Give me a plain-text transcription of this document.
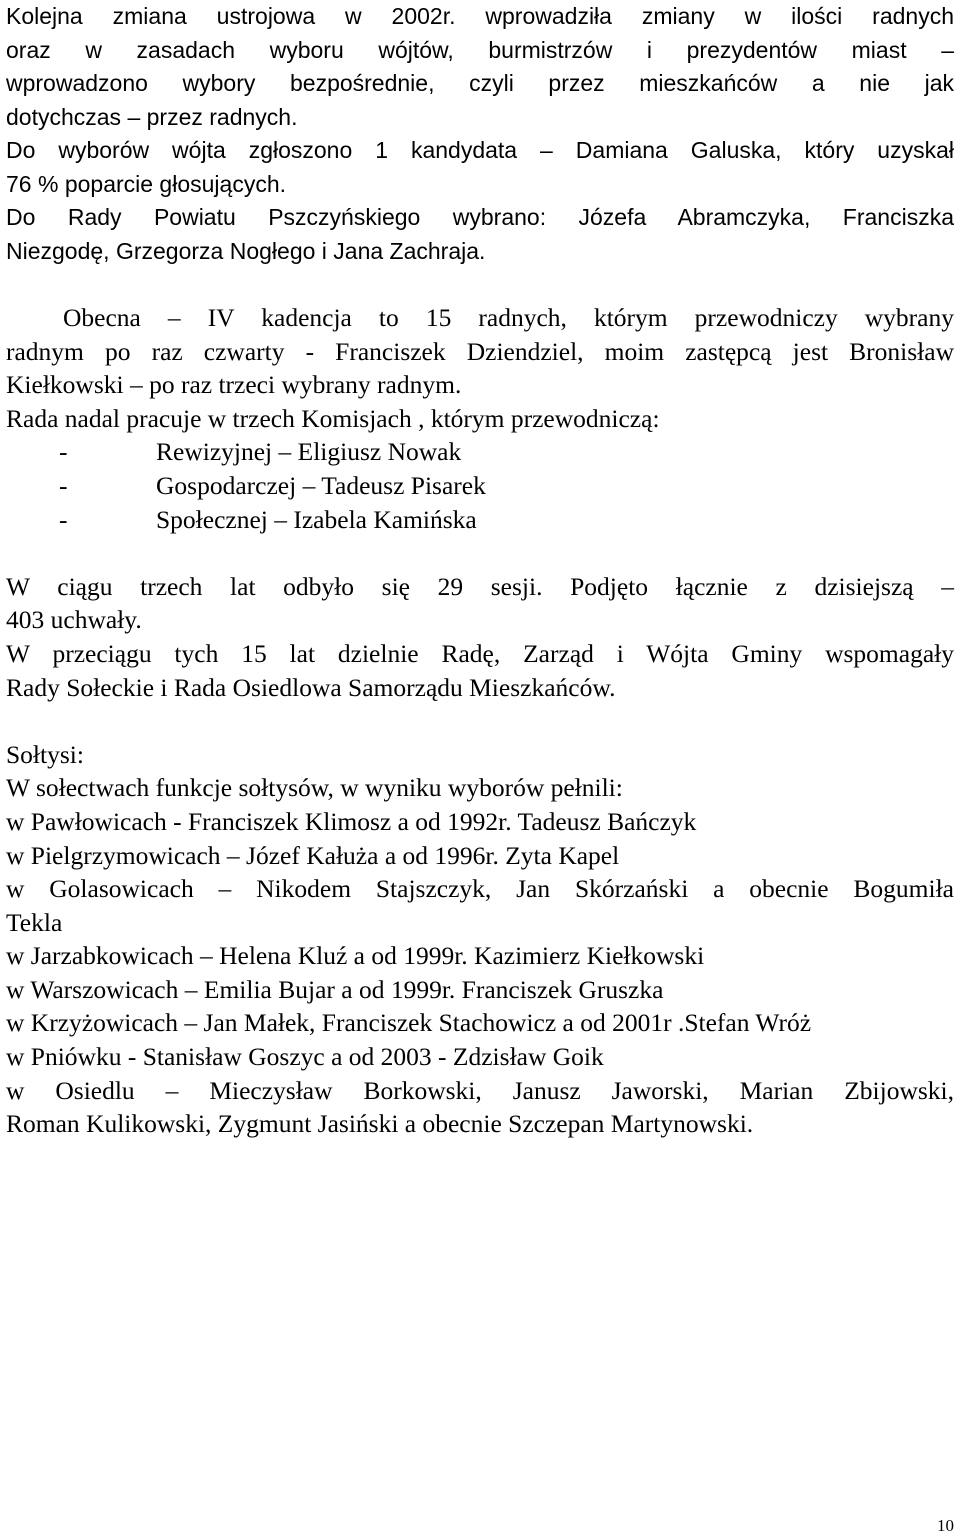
Kolejna zmiana ustrojowa w 2002r. wprowadziła zmiany w ilości radnych
oraz w zasadach wyboru wójtów, burmistrzów i prezydentów miast –
wprowadzono wybory bezpośrednie, czyli przez mieszkańców a nie jak
dotychczas – przez radnych.
Do wyborów wójta zgłoszono 1 kandydata – Damiana Galuska, który uzyskał
76 % poparcie głosujących.
Do Rady Powiatu Pszczyńskiego wybrano: Józefa Abramczyka, Franciszka
Niezgodę, Grzegorza Nogłego i Jana Zachraja.
Obecna – IV kadencja to 15 radnych, którym przewodniczy wybrany
radnym po raz czwarty - Franciszek Dziendziel, moim zastępcą jest Bronisław
Kiełkowski – po raz trzeci wybrany radnym.
Rada nadal pracuje w trzech Komisjach , którym przewodniczą:
-	Rewizyjnej – Eligiusz Nowak
-	Gospodarczej – Tadeusz Pisarek
-	Społecznej – Izabela Kamińska
W ciągu trzech lat odbyło się 29 sesji. Podjęto łącznie z dzisiejszą –
403 uchwały.
W przeciągu tych 15 lat dzielnie Radę, Zarząd i Wójta Gminy wspomagały
Rady Sołeckie i Rada Osiedlowa Samorządu Mieszkańców.
Sołtysi:
W sołectwach funkcje sołtysów, w wyniku wyborów pełnili:
w Pawłowicach - Franciszek Klimosz a od 1992r. Tadeusz Bańczyk
w Pielgrzymowicach – Józef Kałuża a od 1996r. Zyta Kapel
w Golasowicach – Nikodem Stajszczyk, Jan Skórzański a obecnie Bogumiła
Tekla
w Jarzabkowicach – Helena Kluź a od 1999r. Kazimierz Kiełkowski
w Warszowicach – Emilia Bujar a od 1999r. Franciszek Gruszka
w Krzyżowicach – Jan Małek, Franciszek Stachowicz a od 2001r .Stefan Wróż
w Pniówku - Stanisław Goszyc a od 2003 - Zdzisław Goik
w Osiedlu – Mieczysław Borkowski, Janusz Jaworski, Marian Zbijowski,
Roman Kulikowski, Zygmunt Jasiński a obecnie Szczepan Martynowski.
10
